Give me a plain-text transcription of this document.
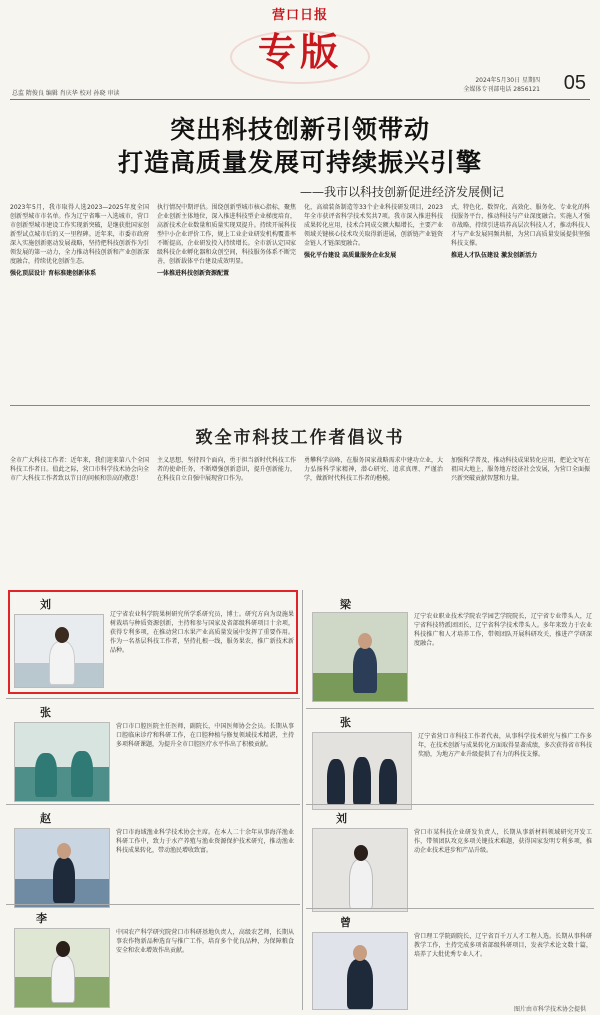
营口日报
专版
2024年5月30日 星期四
全媒体专刊部电话 2856121 05
总监 隋俊良 编辑 肖庆华 校对 孙晓 审读
突出科技创新引领带动
打造高质量发展可持续振兴引擎
——我市以科技创新促进经济发展侧记
2023年5月，我市取得人选2023—2025年度全国创新型城市市名单。作为辽宁省唯一入选城市，营口市创新型城市建设工作实现新突破，是继获批国家创新型试点城市后的又一里程碑。近年来，市委市政府深入实施创新驱动发展战略，坚持把科技创新作为引领发展的第一动力，全力推动科技创新和产业创新深度融合，持续优化创新生态。
强化顶层设计 育标准建创新体系
执行情况中期评估。围绕创新型城市核心指标，聚焦企业创新主体地位，深入推进科技型企业梯度培育，高新技术企业数量和质量实现双提升。持续开展科技型中小企业评价工作，规上工业企业研发机构覆盖率不断提高，企业研发投入持续增长。全市新认定国家级科技企业孵化器和众创空间，科技服务体系不断完善，创新载体平台建设成效明显。
一体推进科技创新资源配置
化，高端装备制造等33个企业科技研发项目，2023年全市获评省科学技术奖共7项。我市深入推进科技成果转化应用，技术合同成交额大幅增长，主要产业领域关键核心技术攻关取得新进展，创新链产业链资金链人才链深度融合。
强化平台建设 高质量服务企业发展
式，特色化、数智化、高效化、服务化、专业化的科技服务平台，推动科技与产业深度融合。实施人才强市战略，持续引进培养高层次科技人才，推动科技人才与产业发展同频共振，为营口高质量发展提供坚强科技支撑。
推进人才队伍建设 激发创新活力
致全市科技工作者倡议书
全市广大科技工作者：近年来，我们迎来第八个全国科技工作者日。值此之际，营口市科学技术协会向全市广大科技工作者致以节日的问候和崇高的敬意！
主义思想，坚持四个面向，勇于担当新时代科技工作者的使命任务，不断增强创新意识，提升创新能力，在科技自立自强中展现营口作为。
勇攀科学高峰，在服务国家战略需求中建功立业，大力弘扬科学家精神，潜心研究、追求真理、严谨治学，做新时代科技工作者的楷模。
加强科学普及，推动科技成果转化应用，把论文写在祖国大地上，服务地方经济社会发展，为营口全面振兴新突破贡献智慧和力量。
刘
辽宁省农业科学院果树研究所学系研究员，博士。研究方向为设施果树栽培与种质资源创新，主持和参与国家及省部级科研项目十余项，获得专利多项，在推动营口水果产业高质量发展中发挥了重要作用。作为一名基层科技工作者，坚持扎根一线，服务果农，推广新技术新品种。
梁
辽宁农业职业技术学院农学园艺学院院长，辽宁省专业带头人，辽宁省科技特派团团长，辽宁省科学技术带头人。多年来致力于农业科技推广和人才培养工作，带领团队开展科研攻关，推进产学研深度融合。
张
营口市口腔医院主任医师，副院长，中国医师协会会员。长期从事口腔临床诊疗和科研工作，在口腔种植与修复领域技术精湛，主持多项科研课题，为提升全市口腔医疗水平作出了积极贡献。
张
辽宁省营口市科技工作者代表，从事科学技术研究与推广工作多年，在技术创新与成果转化方面取得显著成绩，多次获得省市科技奖励，为地方产业升级提供了有力的科技支撑。
赵
营口市海域渔业科学技术协会主席。在本人二十余年从事海洋渔业科研工作中，致力于水产养殖与渔业资源保护技术研究，推动渔业科技成果转化，带动渔民增收致富。
刘
营口市某科技企业研发负责人，长期从事新材料领域研究开发工作，带领团队攻克多项关键技术难题，获得国家发明专利多项，推动企业技术进步和产品升级。
李
中国农产科学研究院营口市科研基地负责人，高级农艺师，长期从事农作物新品种选育与推广工作，培育多个优良品种，为保障粮食安全和农业增效作出贡献。
曾
营口理工学院副院长，辽宁省百千万人才工程人选。长期从事科研教学工作，主持完成多项省部级科研项目，发表学术论文数十篇，培养了大批优秀专业人才。
图片由市科学技术协会提供
